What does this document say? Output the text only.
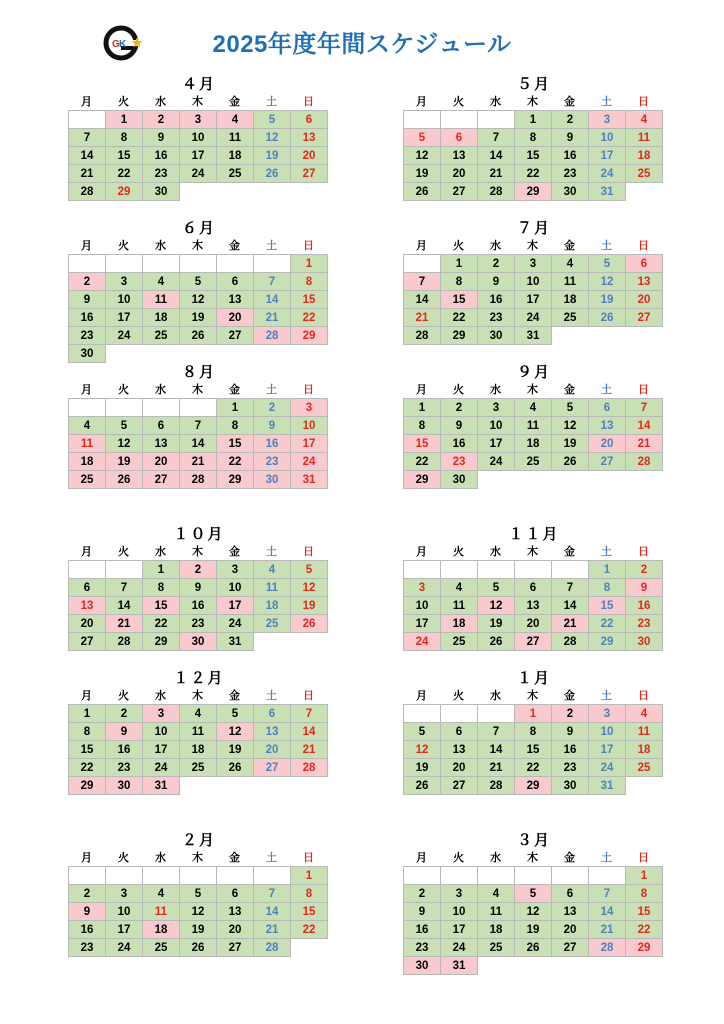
G K	2025年度年間スケジュール
４月
月	火	水	木	金	土	日
	1	2	3	4	5	6
7	8	9	10	11	12	13
14	15	16	17	18	19	20
21	22	23	24	25	26	27
28	29	30				
５月
月	火	水	木	金	土	日
			1	2	3	4
5	6	7	8	9	10	11
12	13	14	15	16	17	18
19	20	21	22	23	24	25
26	27	28	29	30	31	
６月
月	火	水	木	金	土	日
						1
2	3	4	5	6	7	8
9	10	11	12	13	14	15
16	17	18	19	20	21	22
23	24	25	26	27	28	29
30						
７月
月	火	水	木	金	土	日
	1	2	3	4	5	6
7	8	9	10	11	12	13
14	15	16	17	18	19	20
21	22	23	24	25	26	27
28	29	30	31			
８月
月	火	水	木	金	土	日
				1	2	3
4	5	6	7	8	9	10
11	12	13	14	15	16	17
18	19	20	21	22	23	24
25	26	27	28	29	30	31
９月
月	火	水	木	金	土	日
1	2	3	4	5	6	7
8	9	10	11	12	13	14
15	16	17	18	19	20	21
22	23	24	25	26	27	28
29	30					
１０月
月	火	水	木	金	土	日
		1	2	3	4	5
6	7	8	9	10	11	12
13	14	15	16	17	18	19
20	21	22	23	24	25	26
27	28	29	30	31		
１１月
月	火	水	木	金	土	日
					1	2
3	4	5	6	7	8	9
10	11	12	13	14	15	16
17	18	19	20	21	22	23
24	25	26	27	28	29	30
１２月
月	火	水	木	金	土	日
1	2	3	4	5	6	7
8	9	10	11	12	13	14
15	16	17	18	19	20	21
22	23	24	25	26	27	28
29	30	31				
１月
月	火	水	木	金	土	日
			1	2	3	4
5	6	7	8	9	10	11
12	13	14	15	16	17	18
19	20	21	22	23	24	25
26	27	28	29	30	31	
２月
月	火	水	木	金	土	日
						1
2	3	4	5	6	7	8
9	10	11	12	13	14	15
16	17	18	19	20	21	22
23	24	25	26	27	28	
３月
月	火	水	木	金	土	日
						1
2	3	4	5	6	7	8
9	10	11	12	13	14	15
16	17	18	19	20	21	22
23	24	25	26	27	28	29
30	31					
